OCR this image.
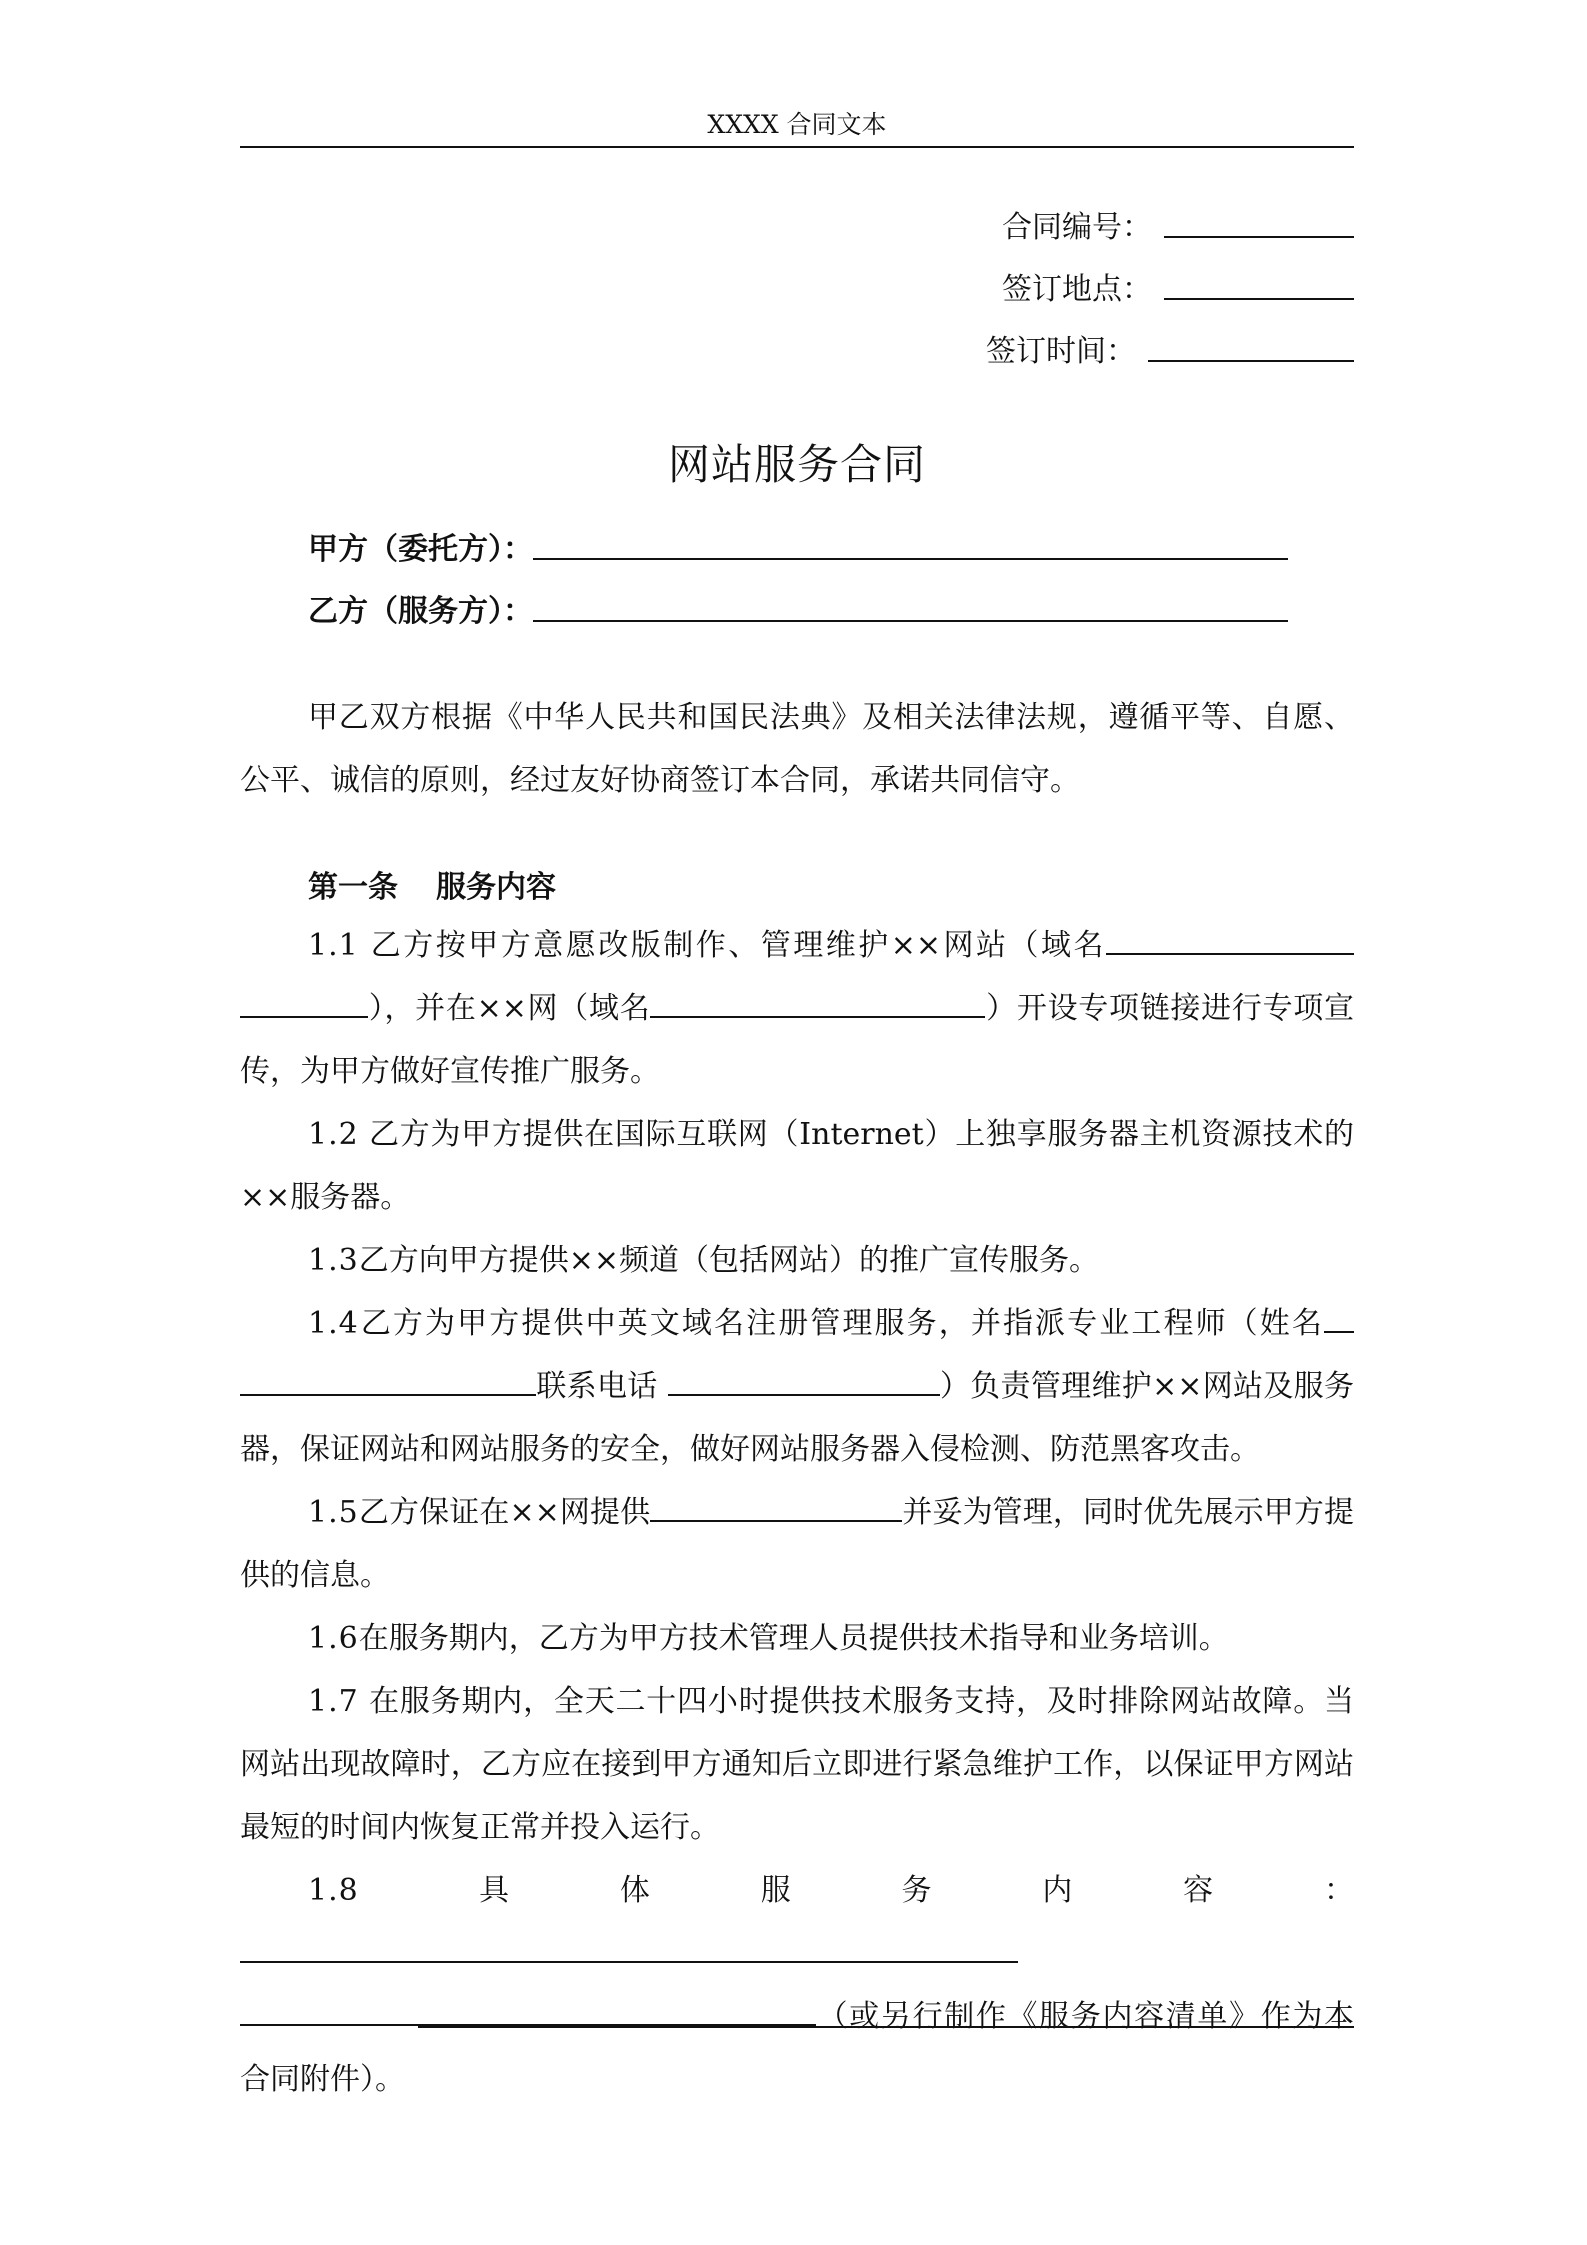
XXXX 合同文本
合同编号：
签订地点：
签订时间：
网站服务合同
甲方（委托方）：
乙方（服务方）：

甲乙双方根据《中华人民共和国民法典》及相关法律法规，遵循平等、自愿、公平、诚信的原则，经过友好协商签订本合同，承诺共同信守。

第一条 服务内容

1.1 乙方按甲方意愿改版制作、管理维护××网站（域名），并在××网（域名	）开设专项链接进行专项宣传，为甲方做好宣传推广服务。

1.2 乙方为甲方提供在国际互联网（Internet）上独享服务器主机资源技术的××服务器。

1.3乙方向甲方提供××频道（包括网站）的推广宣传服务。

1.4乙方为甲方提供中英文域名注册管理服务，并指派专业工程师（姓名联系电话	）负责管理维护××网站及服务器，保证网站和网站服务的安全，做好网站服务器入侵检测、防范黑客攻击。

1.5乙方保证在××网提供	并妥为管理，同时优先展示甲方提供的信息。

1.6在服务期内，乙方为甲方技术管理人员提供技术指导和业务培训。

1.7 在服务期内，全天二十四小时提供技术服务支持，及时排除网站故障。当网站出现故障时，乙方应在接到甲方通知后立即进行紧急维护工作，以保证甲方网站最短的时间内恢复正常并投入运行。

1.8	具体服务内容：（或另行制作《服务内容清单》作为本合同附件）。
